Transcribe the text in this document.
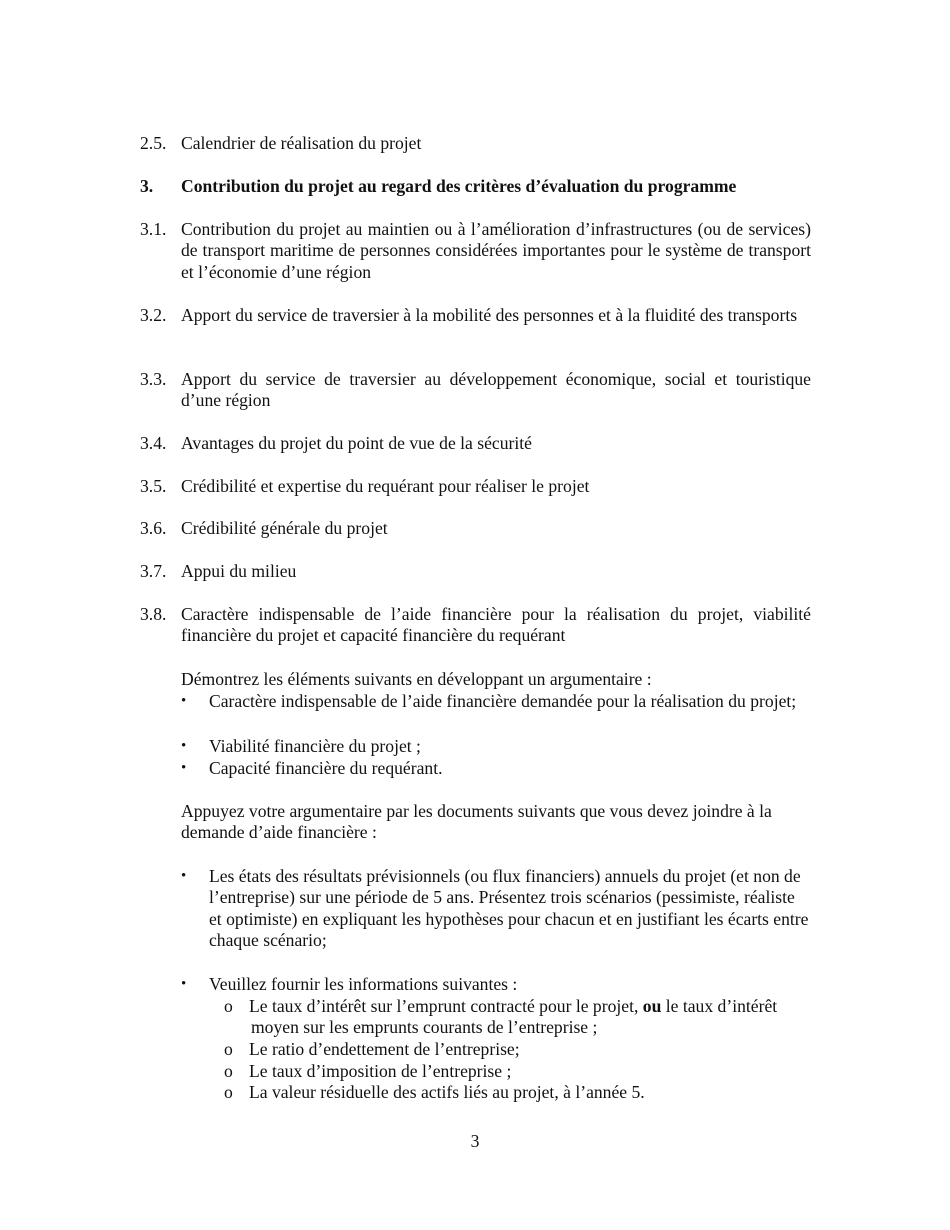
2.5. Calendrier de réalisation du projet
3.	Contribution du projet au regard des critères d’évaluation du programme
3.1. Contribution du projet au maintien ou à l’amélioration d’infrastructures (ou de services) de transport maritime de personnes considérées importantes pour le système de transport et l’économie d’une région
3.2. Apport du service de traversier à la mobilité des personnes et à la fluidité des transports
3.3. Apport du service de traversier au développement économique, social et touristique d’une région
3.4. Avantages du projet du point de vue de la sécurité
3.5. Crédibilité et expertise du requérant pour réaliser le projet
3.6. Crédibilité générale du projet
3.7. Appui du milieu
3.8. Caractère indispensable de l’aide financière pour la réalisation du projet, viabilité financière du projet et capacité financière du requérant
Démontrez les éléments suivants en développant un argumentaire :
• Caractère indispensable de l’aide financière demandée pour la réalisation du projet;
• Viabilité financière du projet ;
• Capacité financière du requérant.
Appuyez votre argumentaire par les documents suivants que vous devez joindre à la demande d’aide financière :
• Les états des résultats prévisionnels (ou flux financiers) annuels du projet (et non de l’entreprise) sur une période de 5 ans. Présentez trois scénarios (pessimiste, réaliste et optimiste) en expliquant les hypothèses pour chacun et en justifiant les écarts entre chaque scénario;
• Veuillez fournir les informations suivantes :
o Le taux d’intérêt sur l’emprunt contracté pour le projet, ou le taux d’intérêt
moyen sur les emprunts courants de l’entreprise ;
o Le ratio d’endettement de l’entreprise;
o Le taux d’imposition de l’entreprise ;
o La valeur résiduelle des actifs liés au projet, à l’année 5.
3
